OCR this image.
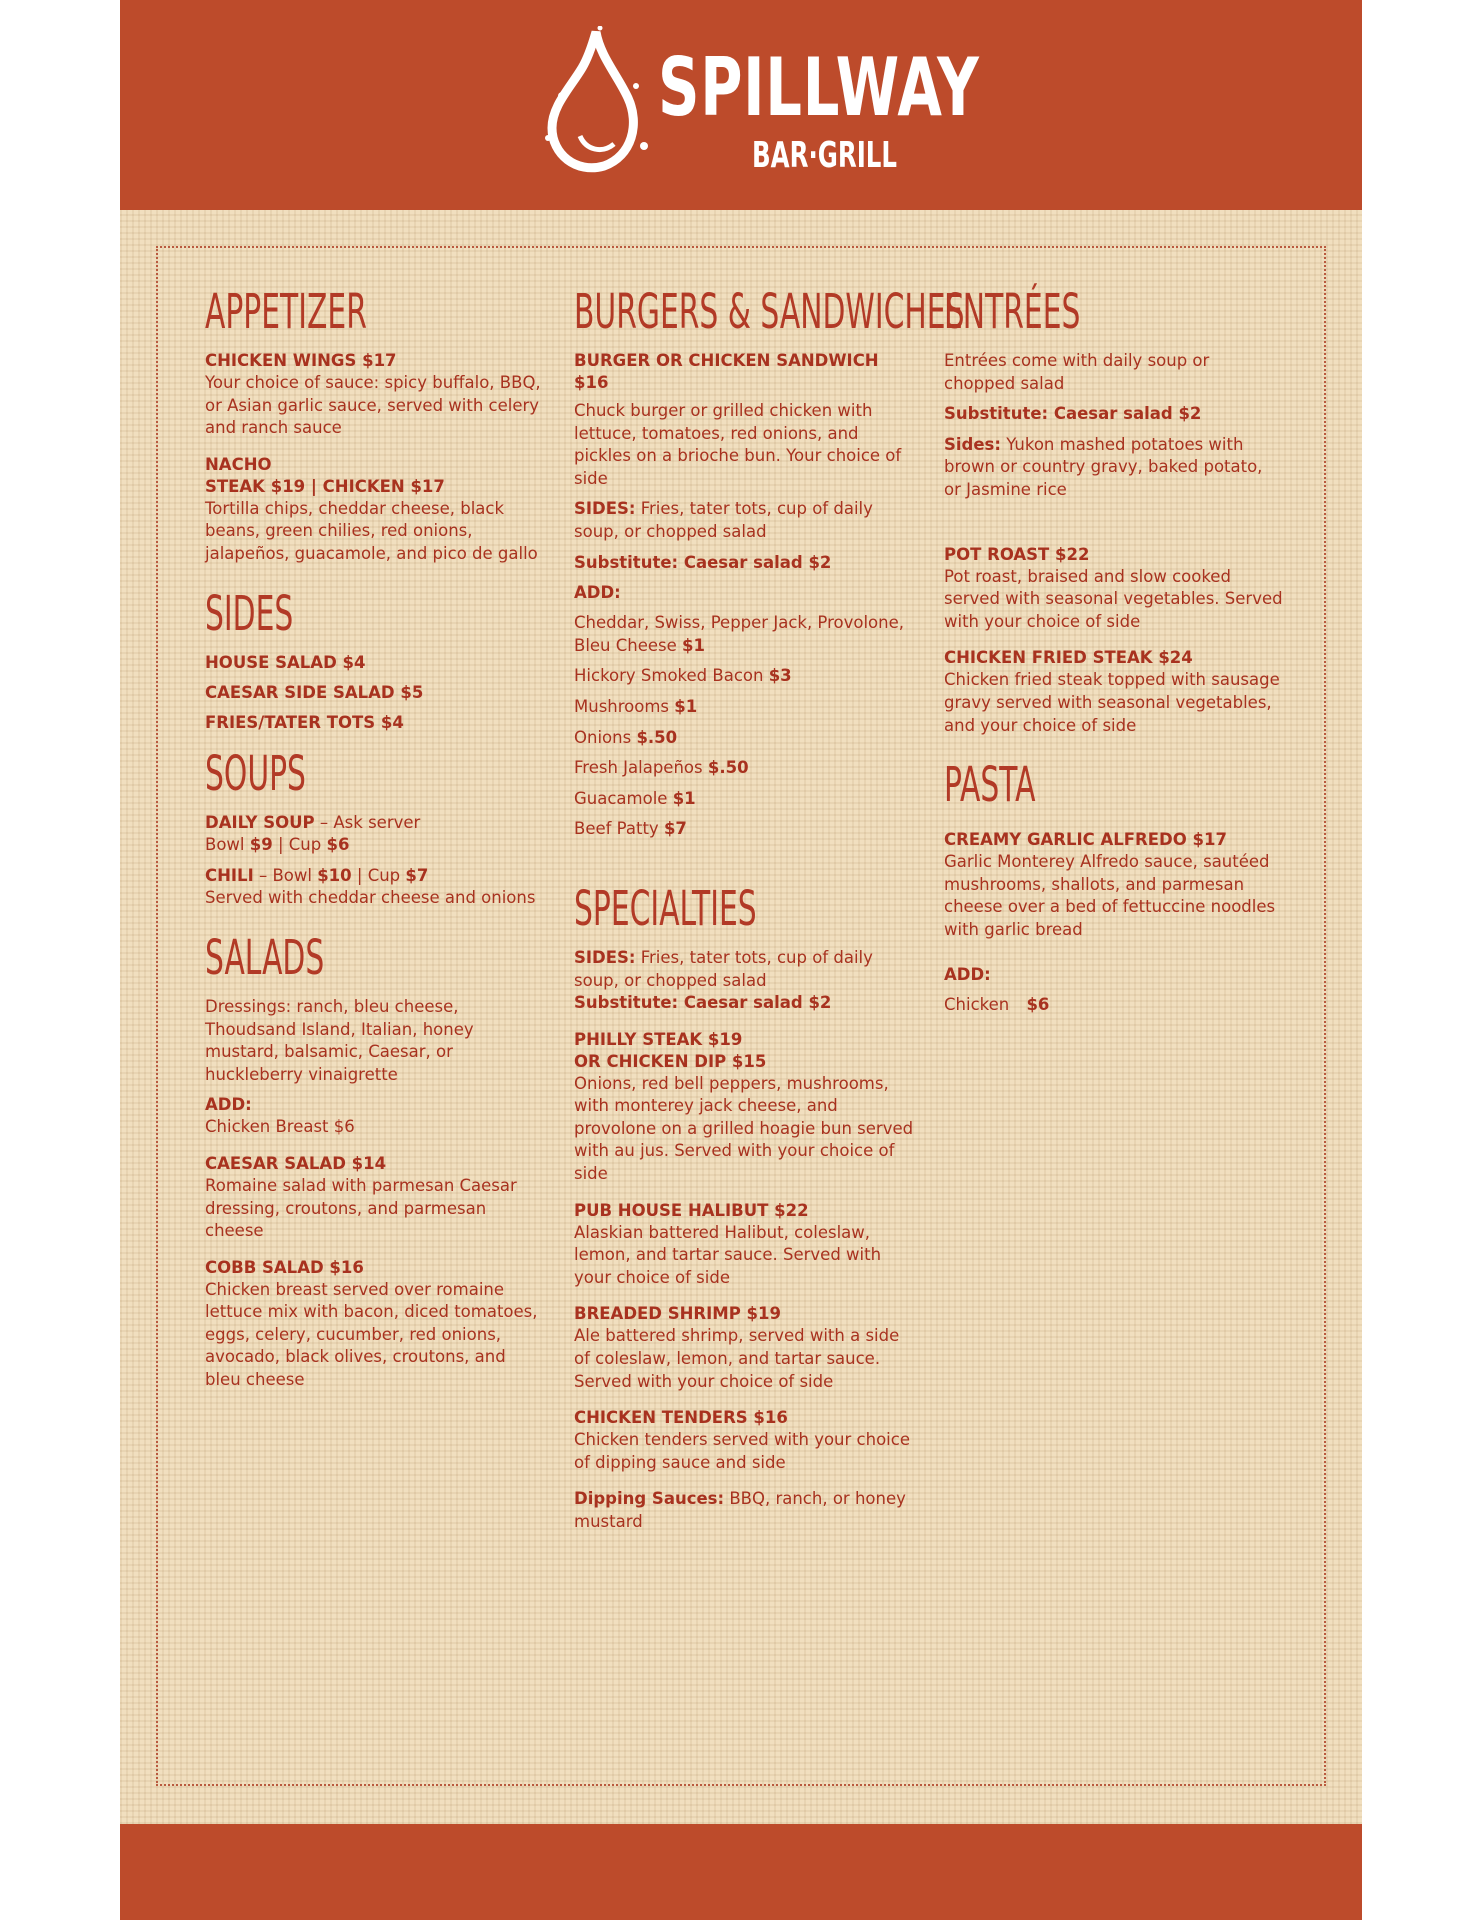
SPILLWAY
BAR·GRILL
APPETIZER
CHICKEN WINGS $17
Your choice of sauce: spicy buffalo, BBQ, or Asian garlic sauce, served with celery and ranch sauce
NACHO
STEAK $19 | CHICKEN $17
Tortilla chips, cheddar cheese, black beans, green chilies, red onions, jalapeños, guacamole, and pico de gallo
SIDES
HOUSE SALAD $4
CAESAR SIDE SALAD $5
FRIES/TATER TOTS $4
SOUPS
DAILY SOUP – Ask server
Bowl $9 | Cup $6
CHILI – Bowl $10 | Cup $7
Served with cheddar cheese and onions
SALADS
Dressings: ranch, bleu cheese, Thoudsand Island, Italian, honey mustard, balsamic, Caesar, or huckleberry vinaigrette
ADD:
Chicken Breast $6
CAESAR SALAD $14
Romaine salad with parmesan Caesar dressing, croutons, and parmesan cheese
COBB SALAD $16
Chicken breast served over romaine lettuce mix with bacon, diced tomatoes, eggs, celery, cucumber, red onions, avocado, black olives, croutons, and bleu cheese
BURGERS & SANDWICHES
BURGER OR CHICKEN SANDWICH
$16
Chuck burger or grilled chicken with lettuce, tomatoes, red onions, and pickles on a brioche bun. Your choice of side
SIDES: Fries, tater tots, cup of daily soup, or chopped salad
Substitute: Caesar salad $2
ADD:
Cheddar, Swiss, Pepper Jack, Provolone, Bleu Cheese $1
Hickory Smoked Bacon $3
Mushrooms $1
Onions $.50
Fresh Jalapeños $.50
Guacamole $1
Beef Patty $7
SPECIALTIES
SIDES: Fries, tater tots, cup of daily soup, or chopped salad
Substitute: Caesar salad $2
PHILLY STEAK $19
OR CHICKEN DIP $15
Onions, red bell peppers, mushrooms, with monterey jack cheese, and provolone on a grilled hoagie bun served with au jus. Served with your choice of side
PUB HOUSE HALIBUT $22
Alaskian battered Halibut, coleslaw, lemon, and tartar sauce. Served with your choice of side
BREADED SHRIMP $19
Ale battered shrimp, served with a side of coleslaw, lemon, and tartar sauce. Served with your choice of side
CHICKEN TENDERS $16
Chicken tenders served with your choice of dipping sauce and side
Dipping Sauces: BBQ, ranch, or honey mustard
ENTRÉES
Entrées come with daily soup or chopped salad
Substitute: Caesar salad $2
Sides: Yukon mashed potatoes with brown or country gravy, baked potato, or Jasmine rice
POT ROAST $22
Pot roast, braised and slow cooked served with seasonal vegetables. Served with your choice of side
CHICKEN FRIED STEAK $24
Chicken fried steak topped with sausage gravy served with seasonal vegetables, and your choice of side
PASTA
CREAMY GARLIC ALFREDO $17
Garlic Monterey Alfredo sauce, sautéed mushrooms, shallots, and parmesan cheese over a bed of fettuccine noodles with garlic bread
ADD:
Chicken   $6
